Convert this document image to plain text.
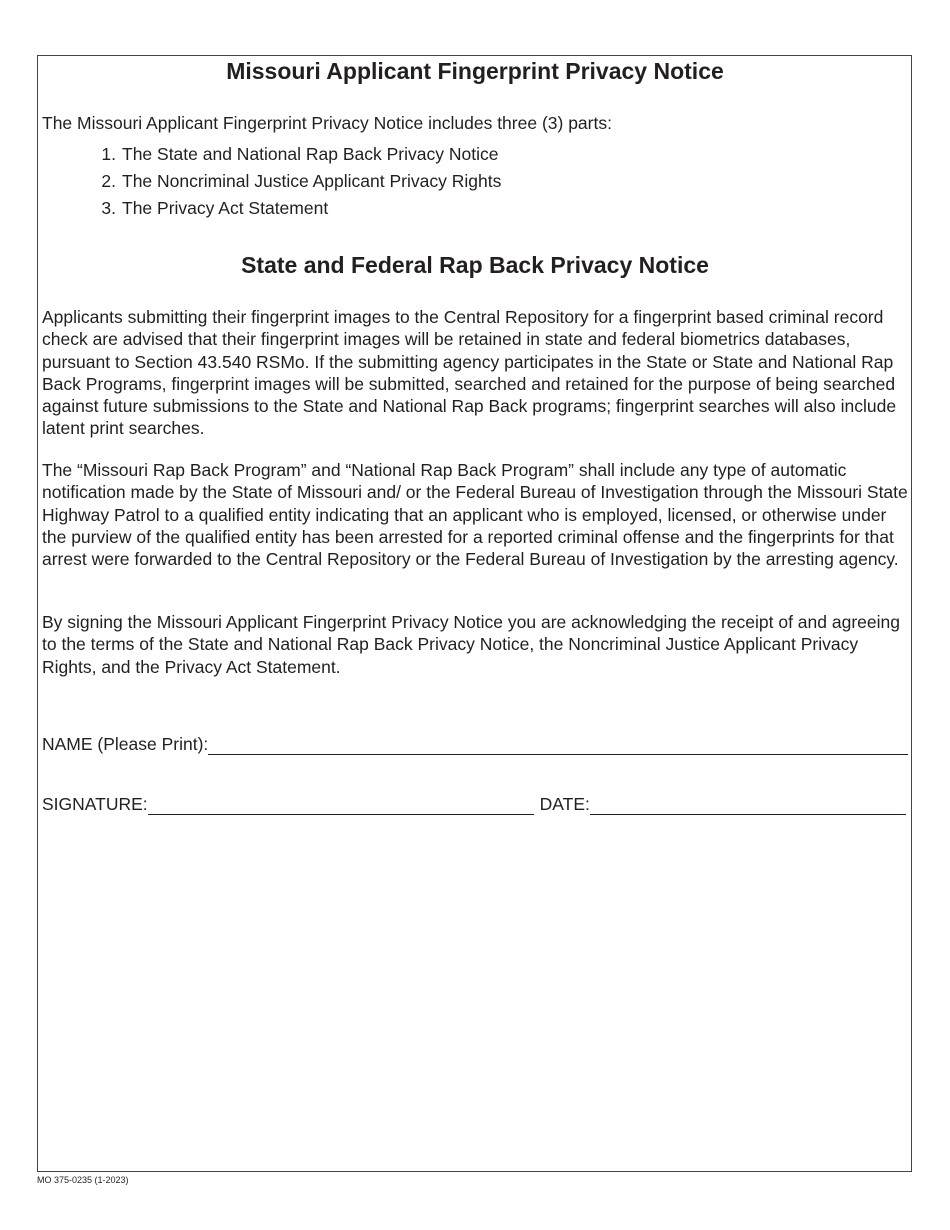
Missouri Applicant Fingerprint Privacy Notice

The Missouri Applicant Fingerprint Privacy Notice includes three (3) parts:

1. The State and National Rap Back Privacy Notice
2. The Noncriminal Justice Applicant Privacy Rights
3. The Privacy Act Statement
State and Federal Rap Back Privacy Notice

Applicants submitting their fingerprint images to the Central Repository for a fingerprint based criminal record check are advised that their fingerprint images will be retained in state and federal biometrics databases, pursuant to Section 43.540 RSMo. If the submitting agency participates in the State or State and National Rap Back Programs, fingerprint images will be submitted, searched and retained for the purpose of being searched against future submissions to the State and National Rap Back programs; fingerprint searches will also include latent print searches.

The “Missouri Rap Back Program” and “National Rap Back Program” shall include any type of automatic notification made by the State of Missouri and/ or the Federal Bureau of Investigation through the Missouri State Highway Patrol to a qualified entity indicating that an applicant who is employed, licensed, or otherwise under the purview of the qualified entity has been arrested for a reported criminal offense and the fingerprints for that arrest were forwarded to the Central Repository or the Federal Bureau of Investigation by the arresting agency.

By signing the Missouri Applicant Fingerprint Privacy Notice you are acknowledging the receipt of and agreeing to the terms of the State and National Rap Back Privacy Notice, the Noncriminal Justice Applicant Privacy Rights, and the Privacy Act Statement.

NAME (Please Print):
SIGNATURE:	DATE:

MO 375-0235 (1-2023)
